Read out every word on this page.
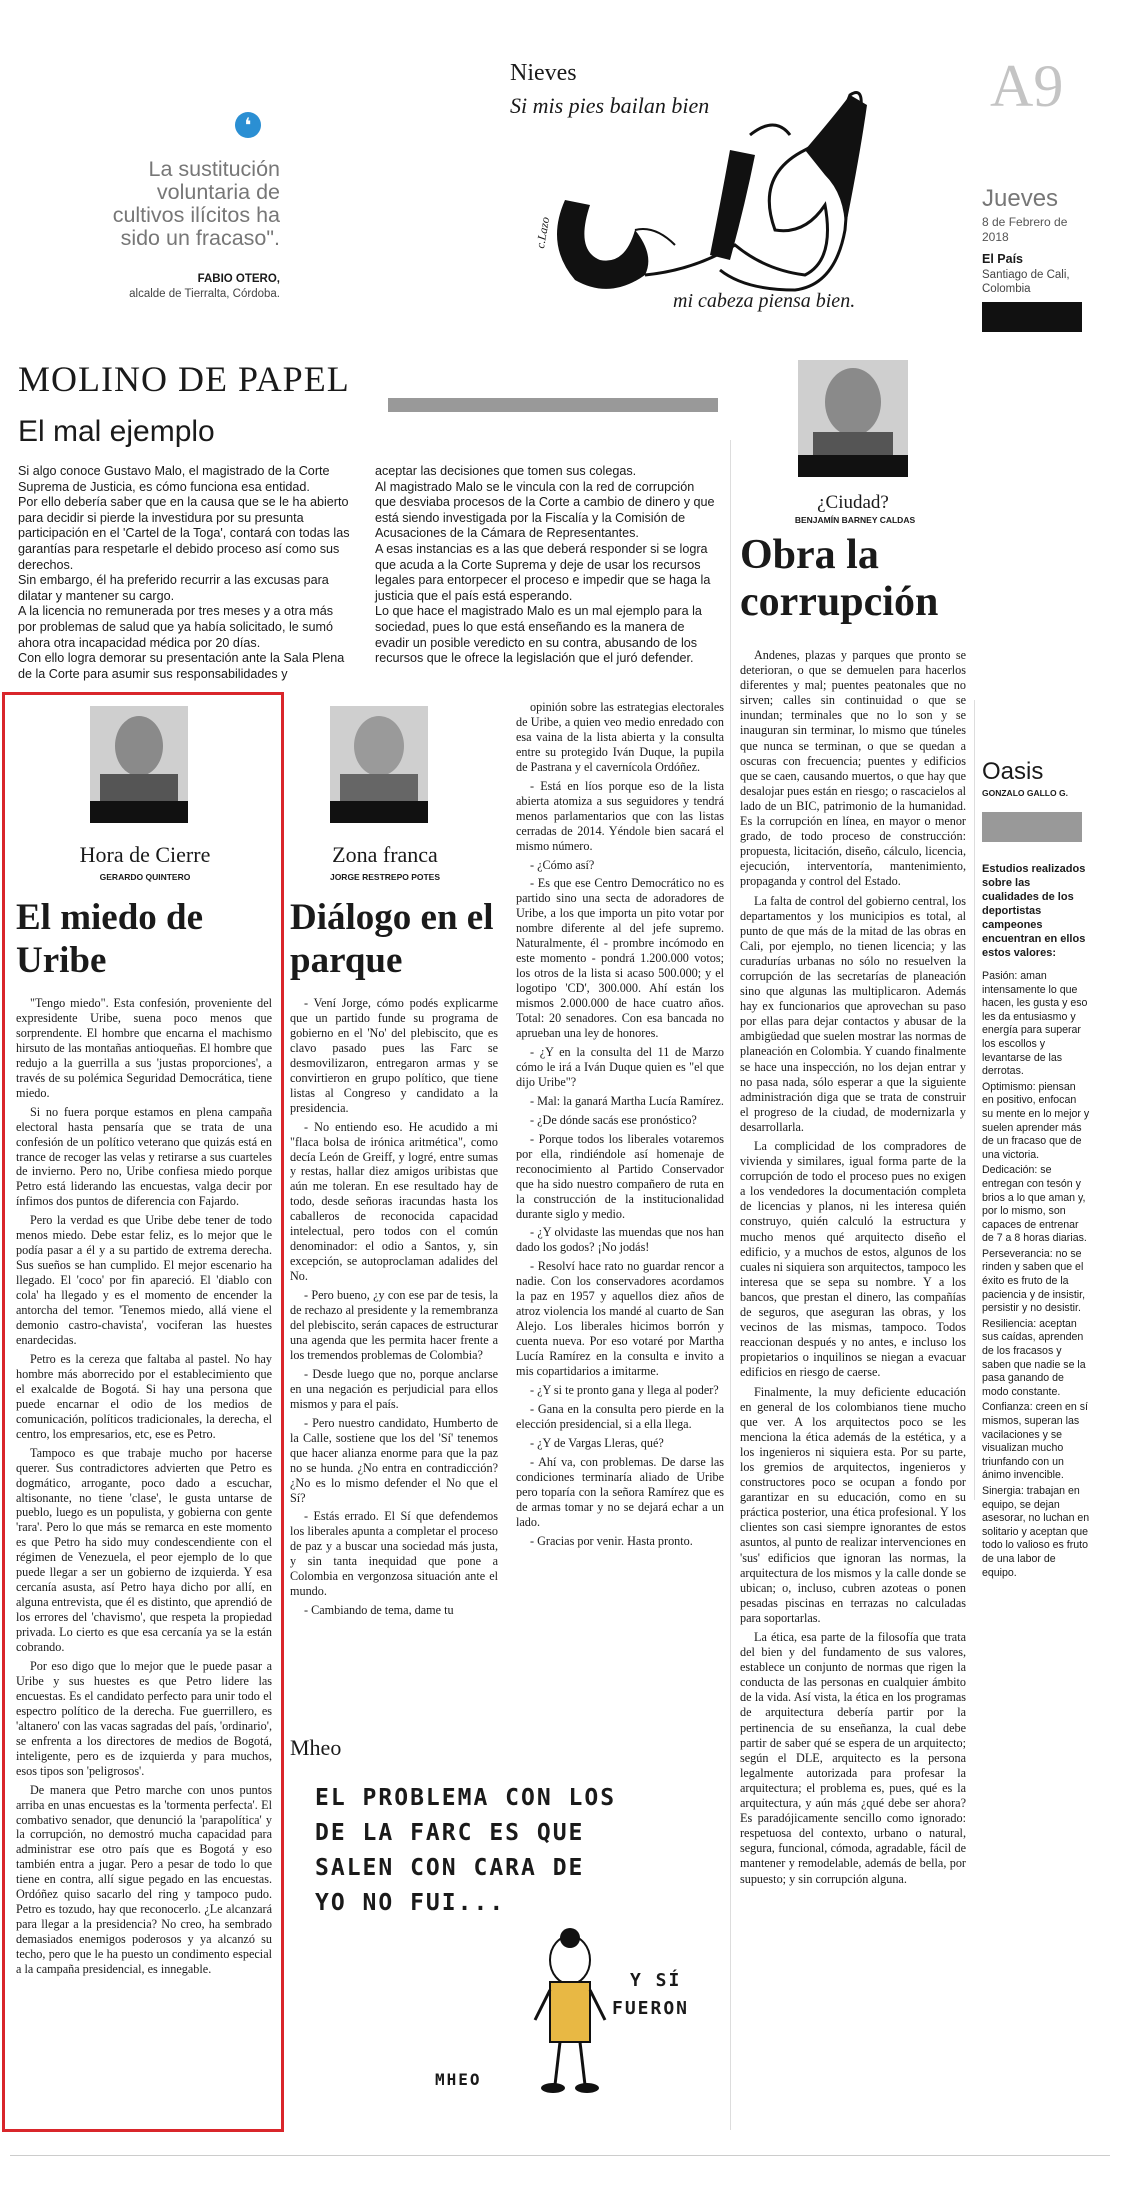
A9
Jueves
8 de Febrero de 2018
El País
Santiago de Cali, Colombia
❛
La sustitución voluntaria de cultivos ilícitos ha sido un fracaso".
FABIO OTERO,
alcalde de Tierralta, Córdoba.
Nieves
Si mis pies bailan bien
c.Lazo
mi cabeza piensa bien.
MOLINO DE PAPEL
El mal ejemplo
Si algo conoce Gustavo Malo, el magistrado de la Corte Suprema de Justicia, es cómo funciona esa entidad.
Por ello debería saber que en la causa que se le ha abierto para decidir si pierde la investidura por su presunta participación en el 'Cartel de la Toga', contará con todas las garantías para respetarle el debido proceso así como sus derechos.
Sin embargo, él ha preferido recurrir a las excusas para dilatar y mantener su cargo.
A la licencia no remunerada por tres meses y a otra más por problemas de salud que ya había solicitado, le sumó ahora otra incapacidad médica por 20 días.
Con ello logra demorar su presentación ante la Sala Plena de la Corte para asumir sus responsabilidades y
aceptar las decisiones que tomen sus colegas.
Al magistrado Malo se le vincula con la red de corrupción que desviaba procesos de la Corte a cambio de dinero y que está siendo investigada por la Fiscalía y la Comisión de Acusaciones de la Cámara de Representantes.
A esas instancias es a las que deberá responder si se logra que acuda a la Corte Suprema y deje de usar los recursos legales para entorpecer el proceso e impedir que se haga la justicia que el país está esperando.
Lo que hace el magistrado Malo es un mal ejemplo para la sociedad, pues lo que está enseñando es la manera de evadir un posible veredicto en su contra, abusando de los recursos que le ofrece la legislación que el juró defender.
¿Ciudad?
BENJAMÍN BARNEY CALDAS
Obra la corrupción

Andenes, plazas y parques que pronto se deterioran, o que se demuelen para hacerlos diferentes y mal; puentes peatonales que no sirven; calles sin continuidad o que se inundan; terminales que no lo son y se inauguran sin terminar, lo mismo que túneles que nunca se terminan, o que se quedan a oscuras con frecuencia; puentes y edificios que se caen, causando muertos, o que hay que desalojar pues están en riesgo; o rascacielos al lado de un BIC, patrimonio de la humanidad. Es la corrupción en línea, en mayor o menor grado, de todo proceso de construcción: propuesta, licitación, diseño, cálculo, licencia, ejecución, interventoría, mantenimiento, propaganda y control del Estado.

La falta de control del gobierno central, los departamentos y los municipios es total, al punto de que más de la mitad de las obras en Cali, por ejemplo, no tienen licencia; y las curadurías urbanas no sólo no resuelven la corrupción de las secretarías de planeación sino que algunas las multiplicaron. Además hay ex funcionarios que aprovechan su paso por ellas para dejar contactos y abusar de la ambigüedad que suelen mostrar las normas de planeación en Colombia. Y cuando finalmente se hace una inspección, no los dejan entrar y no pasa nada, sólo esperar a que la siguiente administración diga que se trata de construir el progreso de la ciudad, de modernizarla y desarrollarla.

La complicidad de los compradores de vivienda y similares, igual forma parte de la corrupción de todo el proceso pues no exigen a los vendedores la documentación completa de licencias y planos, ni les interesa quién construyo, quién calculó la estructura y mucho menos qué arquitecto diseño el edificio, y a muchos de estos, algunos de los cuales ni siquiera son arquitectos, tampoco les interesa que se sepa su nombre. Y a los bancos, que prestan el dinero, las compañías de seguros, que aseguran las obras, y los vecinos de las mismas, tampoco. Todos reaccionan después y no antes, e incluso los propietarios o inquilinos se niegan a evacuar edificios en riesgo de caerse.

Finalmente, la muy deficiente educación en general de los colombianos tiene mucho que ver. A los arquitectos poco se les menciona la ética además de la estética, y a los ingenieros ni siquiera esta. Por su parte, los gremios de arquitectos, ingenieros y constructores poco se ocupan a fondo por garantizar en su educación, como en su práctica posterior, una ética profesional. Y los clientes son casi siempre ignorantes de estos asuntos, al punto de realizar intervenciones en 'sus' edificios que ignoran las normas, la arquitectura de los mismos y la calle donde se ubican; o, incluso, cubren azoteas o ponen pesadas piscinas en terrazas no calculadas para soportarlas.

La ética, esa parte de la filosofía que trata del bien y del fundamento de sus valores, establece un conjunto de normas que rigen la conducta de las personas en cualquier ámbito de la vida. Así vista, la ética en los programas de arquitectura debería partir por la pertinencia de su enseñanza, la cual debe partir de saber qué se espera de un arquitecto; según el DLE, arquitecto es la persona legalmente autorizada para profesar la arquitectura; el problema es, pues, qué es la arquitectura, y aún más ¿qué debe ser ahora? Es paradójicamente sencillo como ignorado: respetuosa del contexto, urbano o natural, segura, funcional, cómoda, agradable, fácil de mantener y remodelable, además de bella, por supuesto; y sin corrupción alguna.

Oasis
GONZALO GALLO G.
Estudios realizados sobre las cualidades de los deportistas campeones encuentran en ellos estos valores:
Pasión: aman intensamente lo que hacen, les gusta y eso les da entusiasmo y energía para superar los escollos y levantarse de las derrotas.
Optimismo: piensan en positivo, enfocan su mente en lo mejor y suelen aprender más de un fracaso que de una victoria.
Dedicación: se entregan con tesón y brios a lo que aman y, por lo mismo, son capaces de entrenar de 7 a 8 horas diarias.
Perseverancia: no se rinden y saben que el éxito es fruto de la paciencia y de insistir, persistir y no desistir.
Resiliencia: aceptan sus caídas, aprenden de los fracasos y saben que nadie se la pasa ganando de modo constante.
Confianza: creen en sí mismos, superan las vacilaciones y se visualizan mucho triunfando con un ánimo invencible.
Sinergia: trabajan en equipo, se dejan asesorar, no luchan en solitario y aceptan que todo lo valioso es fruto de una labor de equipo.
Hora de Cierre
GERARDO QUINTERO
El miedo de Uribe

"Tengo miedo". Esta confesión, proveniente del expresidente Uribe, suena poco menos que sorprendente. El hombre que encarna el machismo hirsuto de las montañas antioqueñas. El hombre que redujo a la guerrilla a sus 'justas proporciones', a través de su polémica Seguridad Democrática, tiene miedo.

Si no fuera porque estamos en plena campaña electoral hasta pensaría que se trata de una confesión de un político veterano que quizás está en trance de recoger las velas y retirarse a sus cuarteles de invierno. Pero no, Uribe confiesa miedo porque Petro está liderando las encuestas, valga decir por ínfimos dos puntos de diferencia con Fajardo.

Pero la verdad es que Uribe debe tener de todo menos miedo. Debe estar feliz, es lo mejor que le podía pasar a él y a su partido de extrema derecha. Sus sueños se han cumplido. El mejor escenario ha llegado. El 'coco' por fin apareció. El 'diablo con cola' ha llegado y es el momento de encender la antorcha del temor. 'Tenemos miedo, allá viene el demonio castro-chavista', vociferan las huestes enardecidas.

Petro es la cereza que faltaba al pastel. No hay hombre más aborrecido por el establecimiento que el exalcalde de Bogotá. Si hay una persona que puede encarnar el odio de los medios de comunicación, políticos tradicionales, la derecha, el centro, los empresarios, etc, ese es Petro.

Tampoco es que trabaje mucho por hacerse querer. Sus contradictores advierten que Petro es dogmático, arrogante, poco dado a escuchar, altisonante, no tiene 'clase', le gusta untarse de pueblo, luego es un populista, y gobierna con gente 'rara'. Pero lo que más se remarca en este momento es que Petro ha sido muy condescendiente con el régimen de Venezuela, el peor ejemplo de lo que puede llegar a ser un gobierno de izquierda. Y esa cercanía asusta, así Petro haya dicho por allí, en alguna entrevista, que él es distinto, que aprendió de los errores del 'chavismo', que respeta la propiedad privada. Lo cierto es que esa cercanía ya se la están cobrando.

Por eso digo que lo mejor que le puede pasar a Uribe y sus huestes es que Petro lidere las encuestas. Es el candidato perfecto para unir todo el espectro político de la derecha. Fue guerrillero, es 'altanero' con las vacas sagradas del país, 'ordinario', se enfrenta a los directores de medios de Bogotá, inteligente, pero es de izquierda y para muchos, esos tipos son 'peligrosos'.

De manera que Petro marche con unos puntos arriba en unas encuestas es la 'tormenta perfecta'. El combativo senador, que denunció la 'parapolítica' y la corrupción, no demostró mucha capacidad para administrar ese otro país que es Bogotá y eso también entra a jugar. Pero a pesar de todo lo que tiene en contra, allí sigue pegado en las encuestas. Ordóñez quiso sacarlo del ring y tampoco pudo. Petro es tozudo, hay que reconocerlo. ¿Le alcanzará para llegar a la presidencia? No creo, ha sembrado demasiados enemigos poderosos y ya alcanzó su techo, pero que le ha puesto un condimento especial a la campaña presidencial, es innegable.

Zona franca
JORGE RESTREPO POTES
Diálogo en el parque

- Vení Jorge, cómo podés explicarme que un partido funde su programa de gobierno en el 'No' del plebiscito, que es clavo pasado pues las Farc se desmovilizaron, entregaron armas y se convirtieron en grupo político, que tiene listas al Congreso y candidato a la presidencia.

- No entiendo eso. He acudido a mi "flaca bolsa de irónica aritmética", como decía León de Greiff, y logré, entre sumas y restas, hallar diez amigos uribistas que aún me toleran. En ese resultado hay de todo, desde señoras iracundas hasta los caballeros de reconocida capacidad intelectual, pero todos con el común denominador: el odio a Santos, y, sin excepción, se autoproclaman adalides del No.

- Pero bueno, ¿y con ese par de tesis, la de rechazo al presidente y la remembranza del plebiscito, serán capaces de estructurar una agenda que les permita hacer frente a los tremendos problemas de Colombia?

- Desde luego que no, porque anclarse en una negación es perjudicial para ellos mismos y para el país.

- Pero nuestro candidato, Humberto de la Calle, sostiene que los del 'Sí' tenemos que hacer alianza enorme para que la paz no se hunda. ¿No entra en contradicción? ¿No es lo mismo defender el No que el Sí?

- Estás errado. El Sí que defendemos los liberales apunta a completar el proceso de paz y a buscar una sociedad más justa, y sin tanta inequidad que pone a Colombia en vergonzosa situación ante el mundo.

- Cambiando de tema, dame tu

opinión sobre las estrategias electorales de Uribe, a quien veo medio enredado con esa vaina de la lista abierta y la consulta entre su protegido Iván Duque, la pupila de Pastrana y el cavernícola Ordóñez.

- Está en líos porque eso de la lista abierta atomiza a sus seguidores y tendrá menos parlamentarios que con las listas cerradas de 2014. Yéndole bien sacará el mismo número.

- ¿Cómo así?

- Es que ese Centro Democrático no es partido sino una secta de adoradores de Uribe, a los que importa un pito votar por nombre diferente al del jefe supremo. Naturalmente, él - prombre incómodo en este momento - pondrá 1.200.000 votos; los otros de la lista si acaso 500.000; y el logotipo 'CD', 300.000. Ahí están los mismos 2.000.000 de hace cuatro años. Total: 20 senadores. Con esa bancada no aprueban una ley de honores.

- ¿Y en la consulta del 11 de Marzo cómo le irá a Iván Duque quien es "el que dijo Uribe"?

- Mal: la ganará Martha Lucía Ramírez.

- ¿De dónde sacás ese pronóstico?

- Porque todos los liberales votaremos por ella, rindiéndole así homenaje de reconocimiento al Partido Conservador que ha sido nuestro compañero de ruta en la construcción de la institucionalidad durante siglo y medio.

- ¿Y olvidaste las muendas que nos han dado los godos? ¡No jodás!

- Resolví hace rato no guardar rencor a nadie. Con los conservadores acordamos la paz en 1957 y aquellos diez años de atroz violencia los mandé al cuarto de San Alejo. Los liberales hicimos borrón y cuenta nueva. Por eso votaré por Martha Lucía Ramírez en la consulta e invito a mis copartidarios a imitarme.

- ¿Y si te pronto gana y llega al poder?

- Gana en la consulta pero pierde en la elección presidencial, si a ella llega.

- ¿Y de Vargas Lleras, qué?

- Ahí va, con problemas. De darse las condiciones terminaría aliado de Uribe pero toparía con la señora Ramírez que es de armas tomar y no se dejará echar a un lado.

- Gracias por venir. Hasta pronto.

Mheo
EL PROBLEMA CON LOS
DE LA FARC ES QUE
SALEN CON CARA DE
YO NO FUI...
Y SÍ
FUERON
MHEO
